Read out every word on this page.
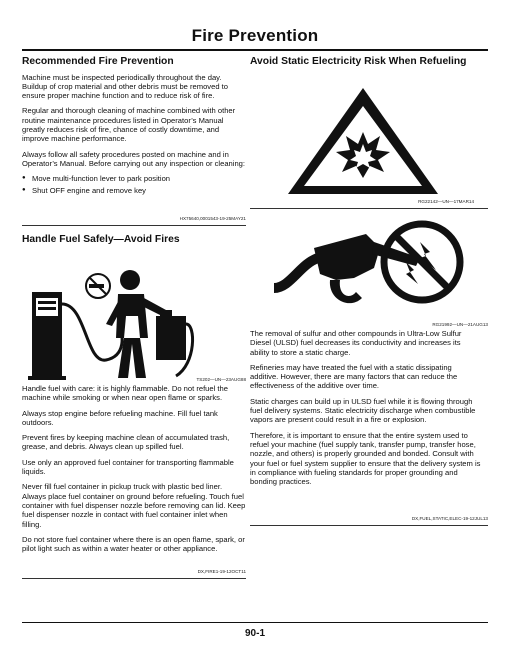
Fire Prevention
Recommended Fire Prevention
Machine must be inspected periodically throughout the day. Buildup of crop material and other debris must be removed to ensure proper machine function and to reduce risk of fire.
Regular and thorough cleaning of machine combined with other routine maintenance procedures listed in Operator’s Manual greatly reduces risk of fire, chance of costly downtime, and improve machine performance.
Always follow all safety procedures posted on machine and in Operator’s Manual. Before carrying out any inspection or cleaning:
● Move multi-function lever to park position
● Shut OFF engine and remove key
HX75640,0001543-19-25MAY21
Handle Fuel Safely—Avoid Fires
TS202—UN—23AUG88
Handle fuel with care: it is highly flammable. Do not refuel the machine while smoking or when near open flame or sparks.
Always stop engine before refueling machine. Fill fuel tank outdoors.
Prevent fires by keeping machine clean of accumulated trash, grease, and debris. Always clean up spilled fuel.
Use only an approved fuel container for transporting flammable liquids.
Never fill fuel container in pickup truck with plastic bed liner. Always place fuel container on ground before refueling. Touch fuel container with fuel dispenser nozzle before removing can lid. Keep fuel dispenser nozzle in contact with fuel container inlet when filling.
Do not store fuel container where there is an open flame, spark, or pilot light such as within a water heater or other appliance.
DX,FIRE1-19-12OCT11
Avoid Static Electricity Risk When Refueling
RG22142—UN—17MAR14
RG21992—UN—21AUG13
The removal of sulfur and other compounds in Ultra-Low Sulfur Diesel (ULSD) fuel decreases its conductivity and increases its ability to store a static charge.
Refineries may have treated the fuel with a static dissipating additive. However, there are many factors that can reduce the effectiveness of the additive over time.
Static charges can build up in ULSD fuel while it is flowing through fuel delivery systems. Static electricity discharge when combustible vapors are present could result in a fire or explosion.
Therefore, it is important to ensure that the entire system used to refuel your machine (fuel supply tank, transfer pump, transfer hose, nozzle, and others) is properly grounded and bonded. Consult with your fuel or fuel system supplier to ensure that the delivery system is in compliance with fueling standards for proper grounding and bonding practices.
DX,FUEL,STATIC,ELEC-19-12JUL13
90-1
